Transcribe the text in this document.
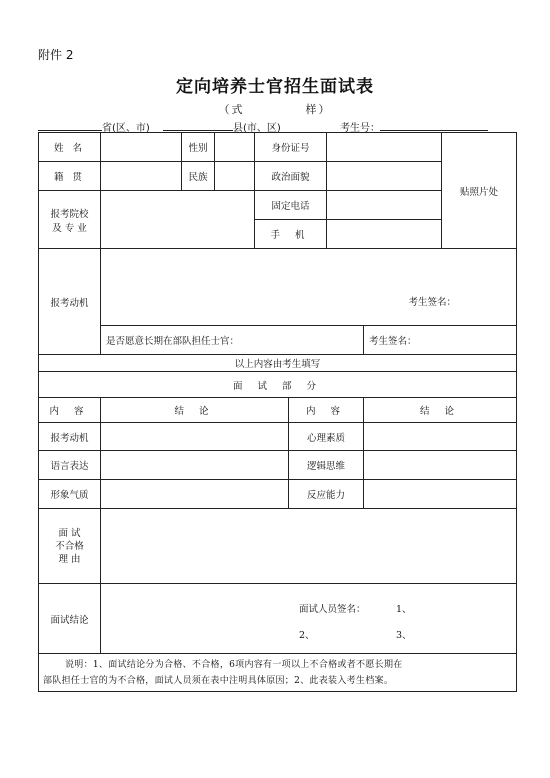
附件 2
定向培养士官招生面试表
（式	样）
省(区、市)	县(市、区)	考生号：
姓 名		性别		身份证号				贴照片处
籍 贯		民族		政治面貌				

报考院校
及 专 业				固定电话				
				手 机				
报考动机	考生签名：							
	是否愿意长期在部队担任士官：						考生签名：	
以上内容由考生填写								
面 试 部 分								
内 容	结 论				内 容		结 论	
报考动机					心理素质			
语言表达					逻辑思维			
形象气质					反应能力			

面 试
不合格
理 由								

面试结论	面试人员签名： 1、
2、 3、							

说明：1、面试结论分为合格、不合格，6项内容有一项以上不合格或者不愿长期在
部队担任士官的为不合格，面试人员须在表中注明具体原因；2、此表装入考生档案。								
